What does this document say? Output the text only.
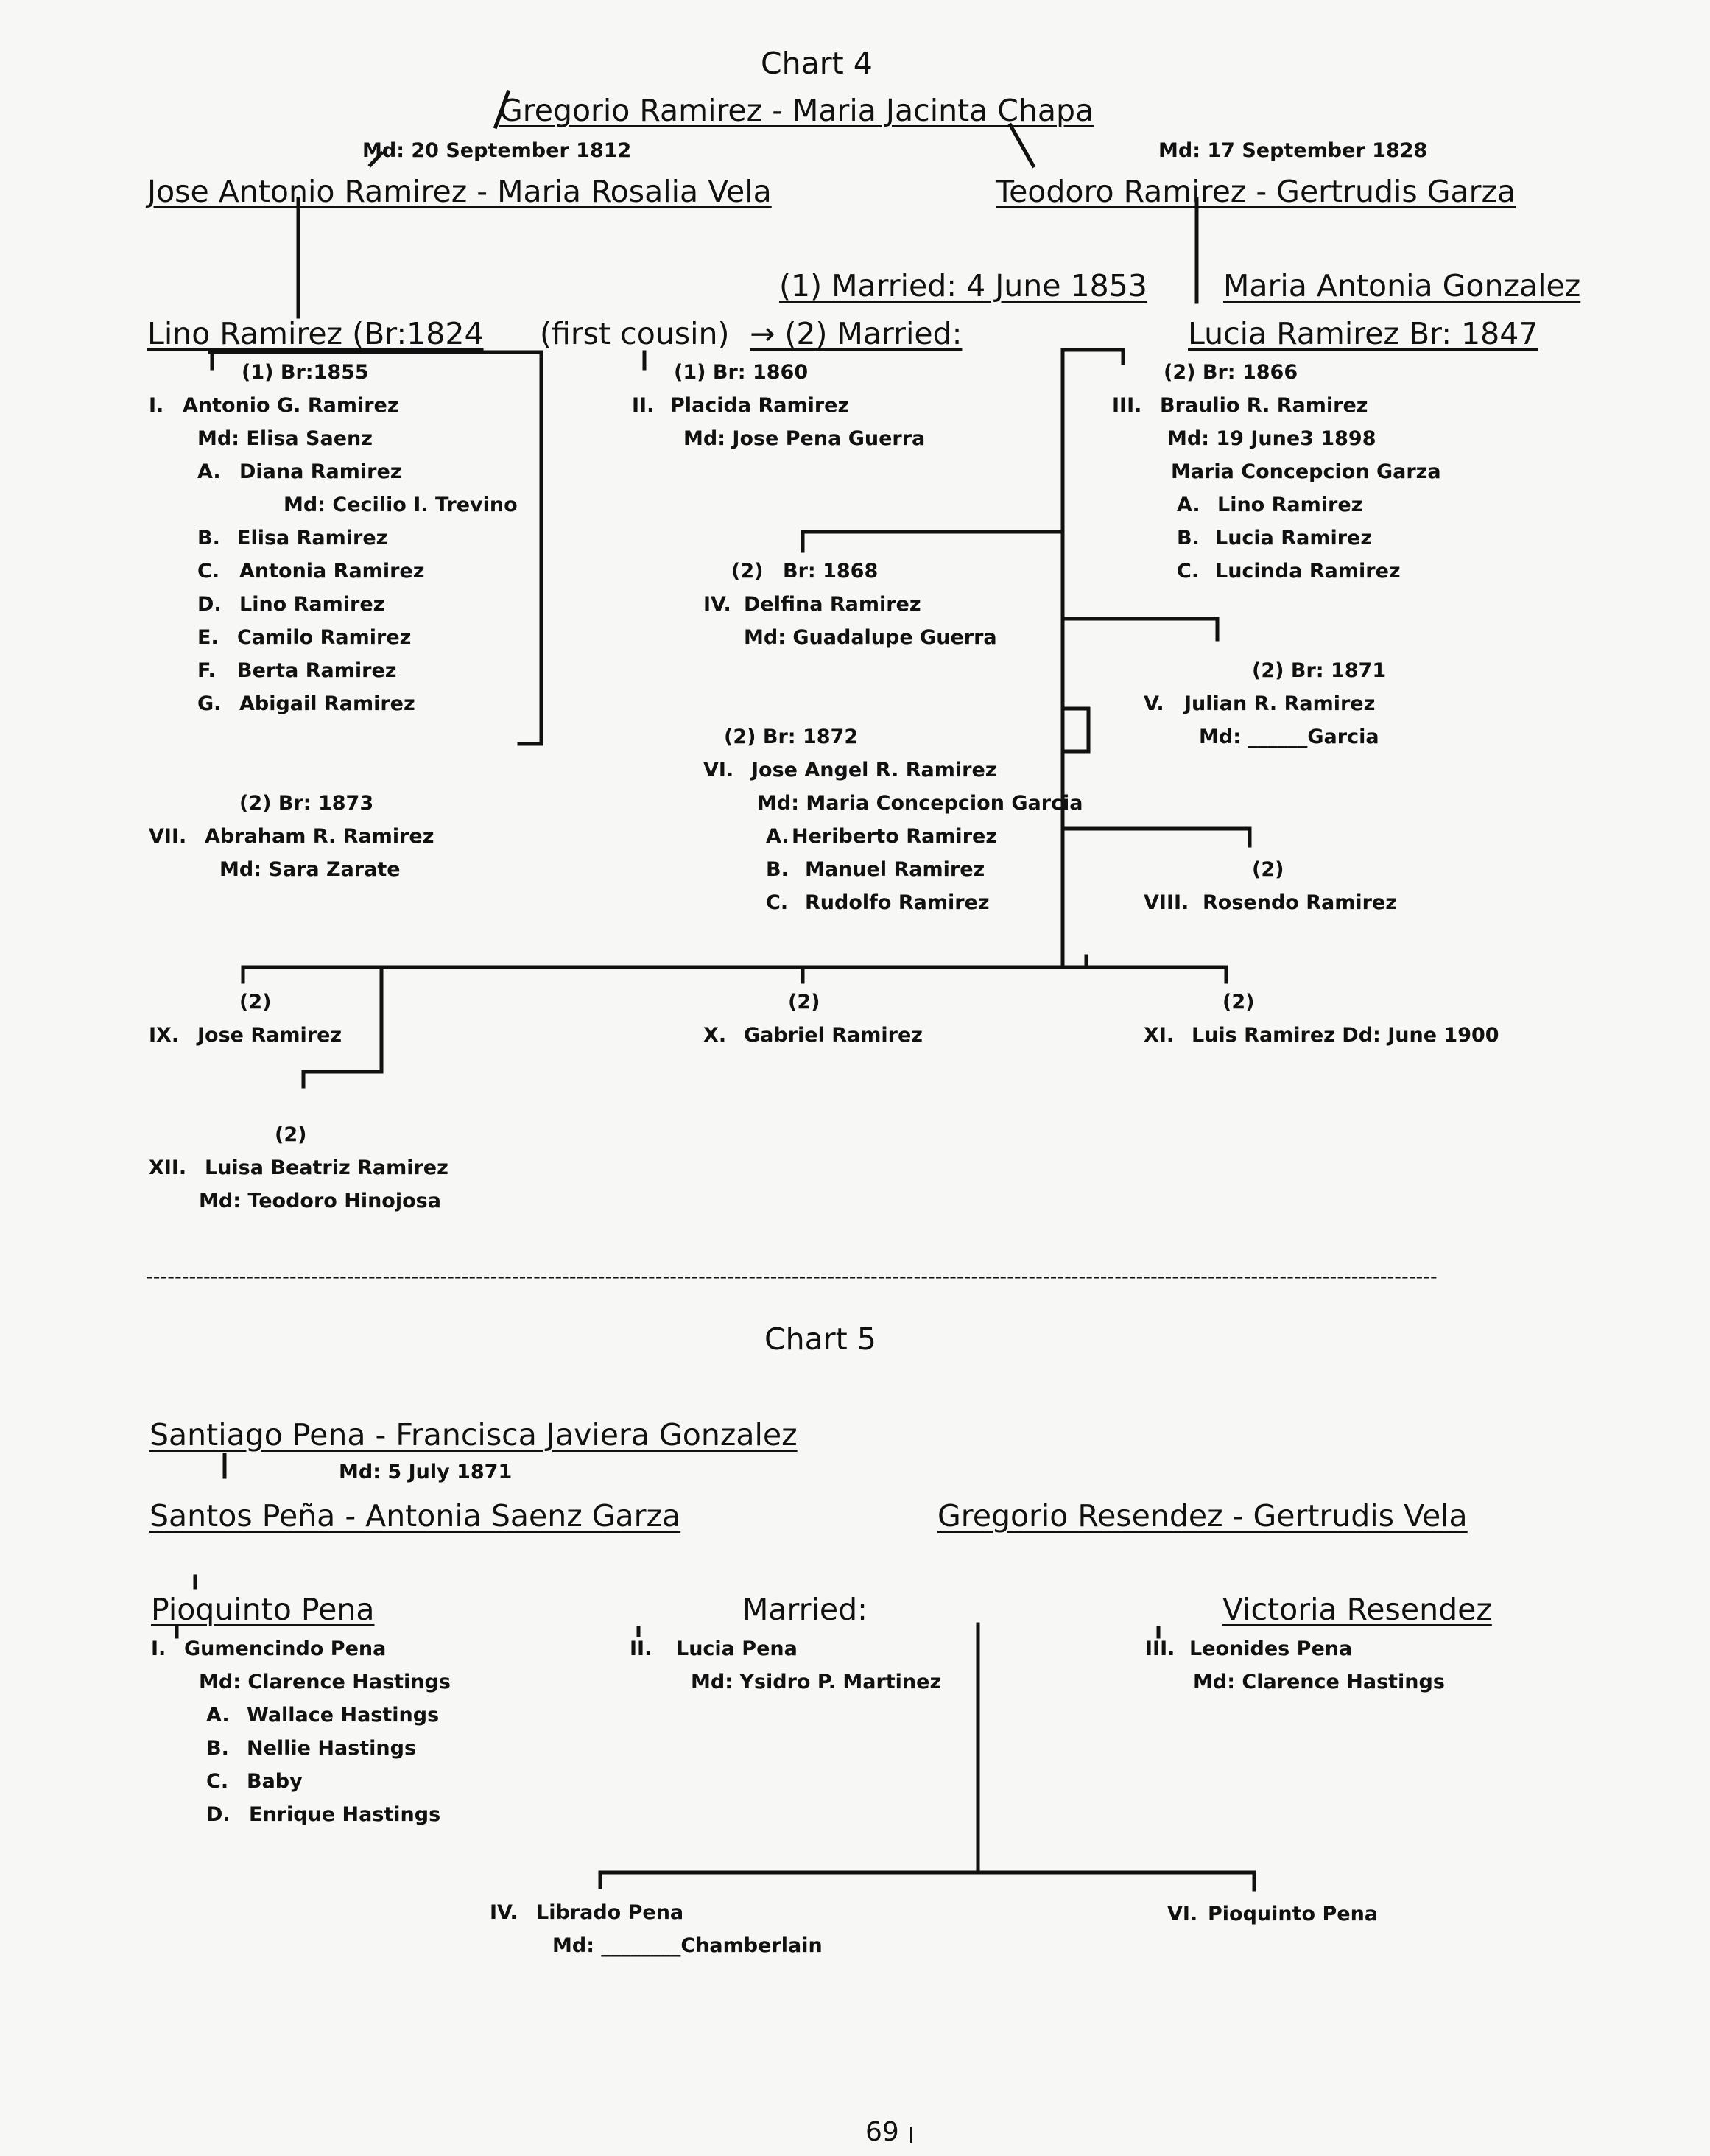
Chart 4
Gregorio Ramirez - Maria Jacinta Chapa
Md: 20 September 1812	Md: 17 September 1828
Jose Antonio Ramirez - Maria Rosalia Vela	Teodoro Ramirez - Gertrudis Garza
(1) Married: 4 June 1853	Maria Antonia Gonzalez
Lino Ramirez (Br:1824 (first cousin) → (2) Married:	Lucia Ramirez Br: 1847
(1) Br:1855
I. Antonio G. Ramirez
Md: Elisa Saenz
A. Diana Ramirez
Md: Cecilio I. Trevino
B. Elisa Ramirez
C. Antonia Ramirez
D. Lino Ramirez
E. Camilo Ramirez
F. Berta Ramirez
G. Abigail Ramirez
(1) Br: 1860
II. Placida Ramirez
Md: Jose Pena Guerra
(2) Br: 1866
III. Braulio R. Ramirez
Md: 19 June3 1898
Maria Concepcion Garza
A. Lino Ramirez
B. Lucia Ramirez
C. Lucinda Ramirez
(2) Br: 1868
IV. Delfina Ramirez
Md: Guadalupe Guerra
(2) Br: 1871
V. Julian R. Ramirez
Md: ______Garcia
(2) Br: 1872
VI. Jose Angel R. Ramirez
Md: Maria Concepcion Garcia
A. Heriberto Ramirez
B. Manuel Ramirez
C. Rudolfo Ramirez
(2) Br: 1873
VII. Abraham R. Ramirez
Md: Sara Zarate	(2)
VIII. Rosendo Ramirez
(2)
IX. Jose Ramirez
(2)
X. Gabriel Ramirez
(2)
XI. Luis Ramirez Dd: June 1900
(2)
XII. Luisa Beatriz Ramirez
Md: Teodoro Hinojosa
------------------------------------------------------------------------------------------------------------------------------------------------------------------------------------
Chart 5
Santiago Pena - Francisca Javiera Gonzalez
Md: 5 July 1871
Santos Peña - Antonia Saenz Garza	Gregorio Resendez - Gertrudis Vela
Pioquinto Pena	Married:	Victoria Resendez
I. Gumencindo Pena
Md: Clarence Hastings
A. Wallace Hastings
B. Nellie Hastings
C. Baby
D. Enrique Hastings
II. Lucia Pena
Md: Ysidro P. Martinez
III. Leonides Pena
Md: Clarence Hastings
IV. Librado Pena
Md: ________Chamberlain
VI. Pioquinto Pena
69
